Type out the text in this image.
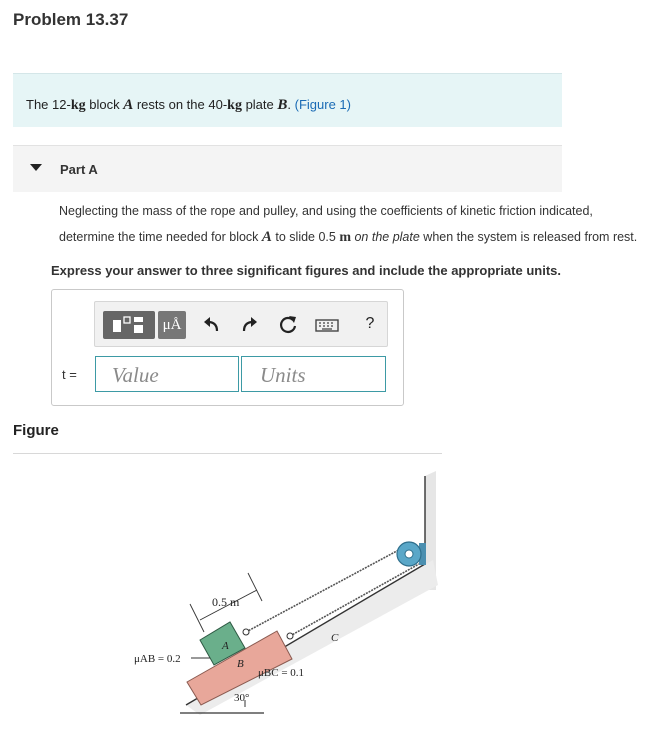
Problem 13.37
The 12-kg block A rests on the 40-kg plate B. (Figure 1)
Part A
Neglecting the mass of the rope and pulley, and using the coefficients of kinetic friction indicated,
determine the time needed for block A to slide 0.5 m on the plate when the system is released from rest.
Express your answer to three significant figures and include the appropriate units.
μÅ	?
t = Value	Units
Figure
0.5 m
A
B
C
μAB = 0.2
μBC = 0.1
30°
